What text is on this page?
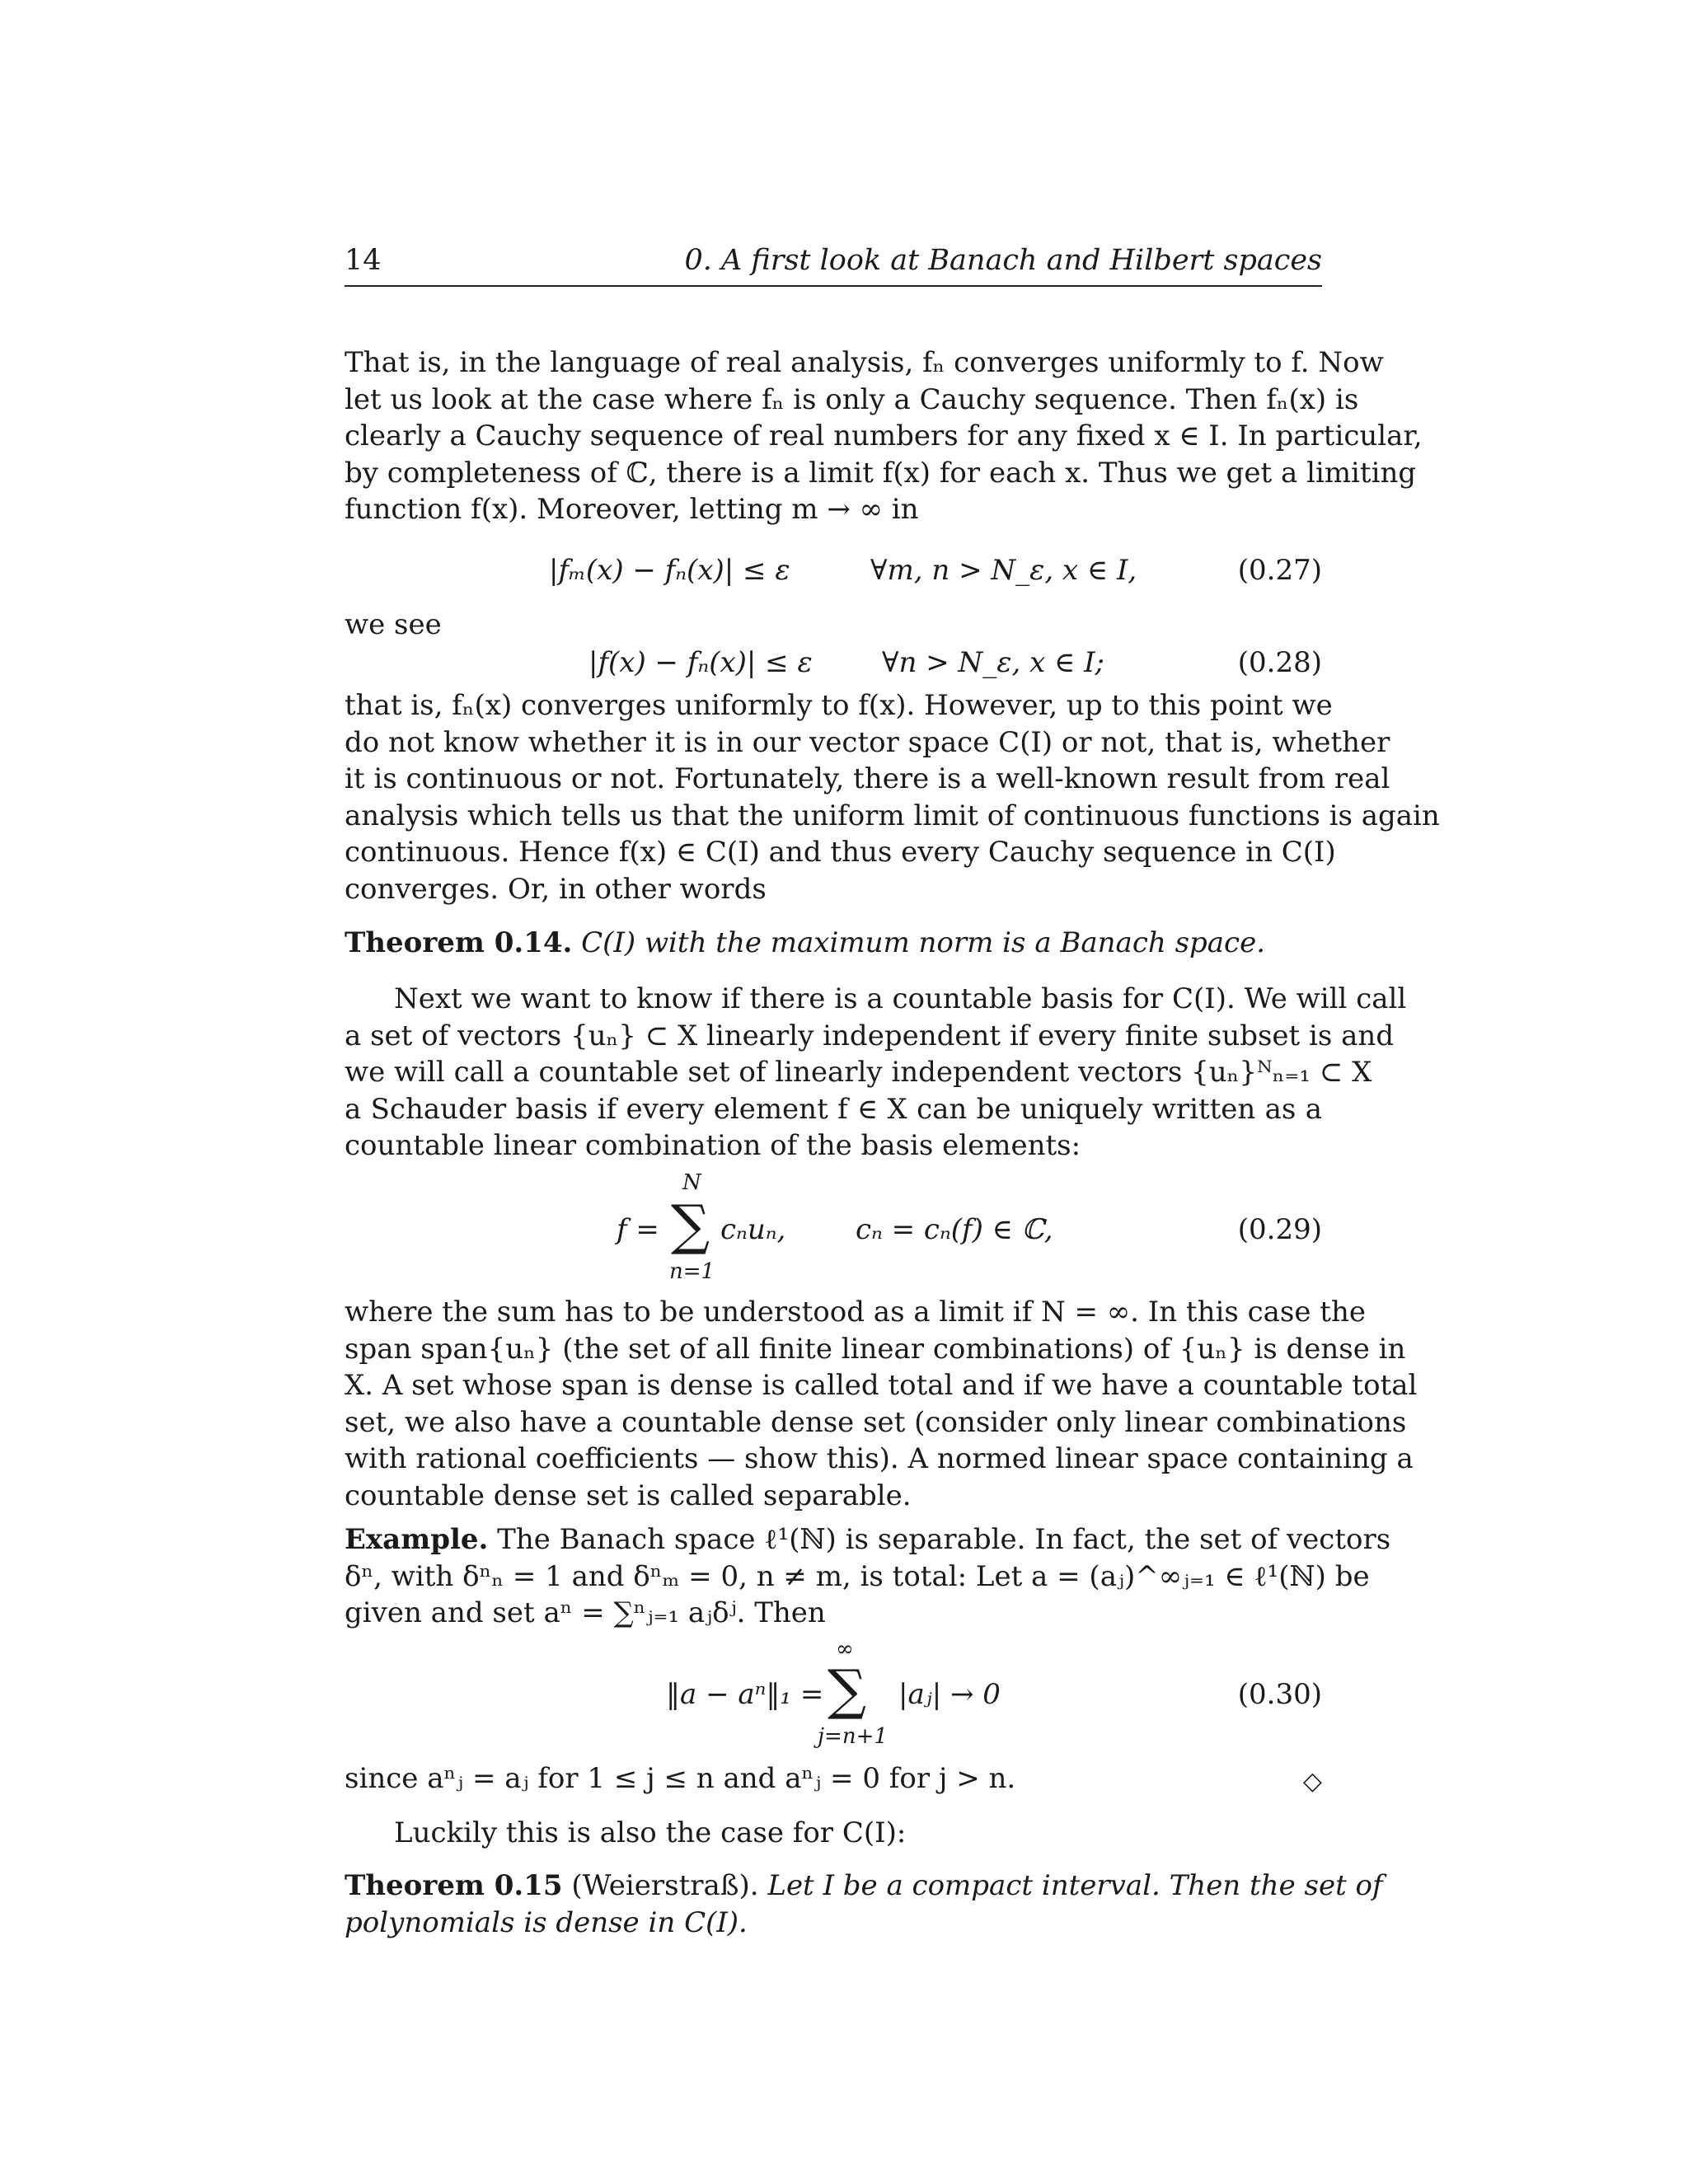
14	0. A first look at Banach and Hilbert spaces
That is, in the language of real analysis, fₙ converges uniformly to f. Now
let us look at the case where fₙ is only a Cauchy sequence. Then fₙ(x) is
clearly a Cauchy sequence of real numbers for any fixed x ∈ I. In particular,
by completeness of ℂ, there is a limit f(x) for each x. Thus we get a limiting
function f(x). Moreover, letting m → ∞ in
|fₘ(x) − fₙ(x)| ≤ ε	∀m, n > N_ε, x ∈ I,	(0.27)
we see
|f(x) − fₙ(x)| ≤ ε ∀n > N_ε, x ∈ I;	(0.28)
that is, fₙ(x) converges uniformly to f(x). However, up to this point we
do not know whether it is in our vector space C(I) or not, that is, whether
it is continuous or not. Fortunately, there is a well-known result from real
analysis which tells us that the uniform limit of continuous functions is again
continuous. Hence f(x) ∈ C(I) and thus every Cauchy sequence in C(I)
converges. Or, in other words
Theorem 0.14. C(I) with the maximum norm is a Banach space.
Next we want to know if there is a countable basis for C(I). We will call
a set of vectors {uₙ} ⊂ X linearly independent if every finite subset is and
we will call a countable set of linearly independent vectors {uₙ}ᴺₙ₌₁ ⊂ X
a Schauder basis if every element f ∈ X can be uniquely written as a
countable linear combination of the basis elements:
f =
N
∑
n=1
cₙuₙ, cₙ = cₙ(f) ∈ ℂ,	(0.29)
where the sum has to be understood as a limit if N = ∞. In this case the
span span{uₙ} (the set of all finite linear combinations) of {uₙ} is dense in
X. A set whose span is dense is called total and if we have a countable total
set, we also have a countable dense set (consider only linear combinations
with rational coefficients — show this). A normed linear space containing a
countable dense set is called separable.
Example. The Banach space ℓ¹(ℕ) is separable. In fact, the set of vectors
δⁿ, with δⁿₙ = 1 and δⁿₘ = 0, n ≠ m, is total: Let a = (aⱼ)^∞ⱼ₌₁ ∈ ℓ¹(ℕ) be
given and set aⁿ = ∑ⁿⱼ₌₁ aⱼδʲ. Then
‖a − aⁿ‖₁ =
∞
∑
j=n+1
|aⱼ| → 0	(0.30)
since aⁿⱼ = aⱼ for 1 ≤ j ≤ n and aⁿⱼ = 0 for j > n.	◇
Luckily this is also the case for C(I):
Theorem 0.15 (Weierstraß). Let I be a compact interval. Then the set of
polynomials is dense in C(I).
